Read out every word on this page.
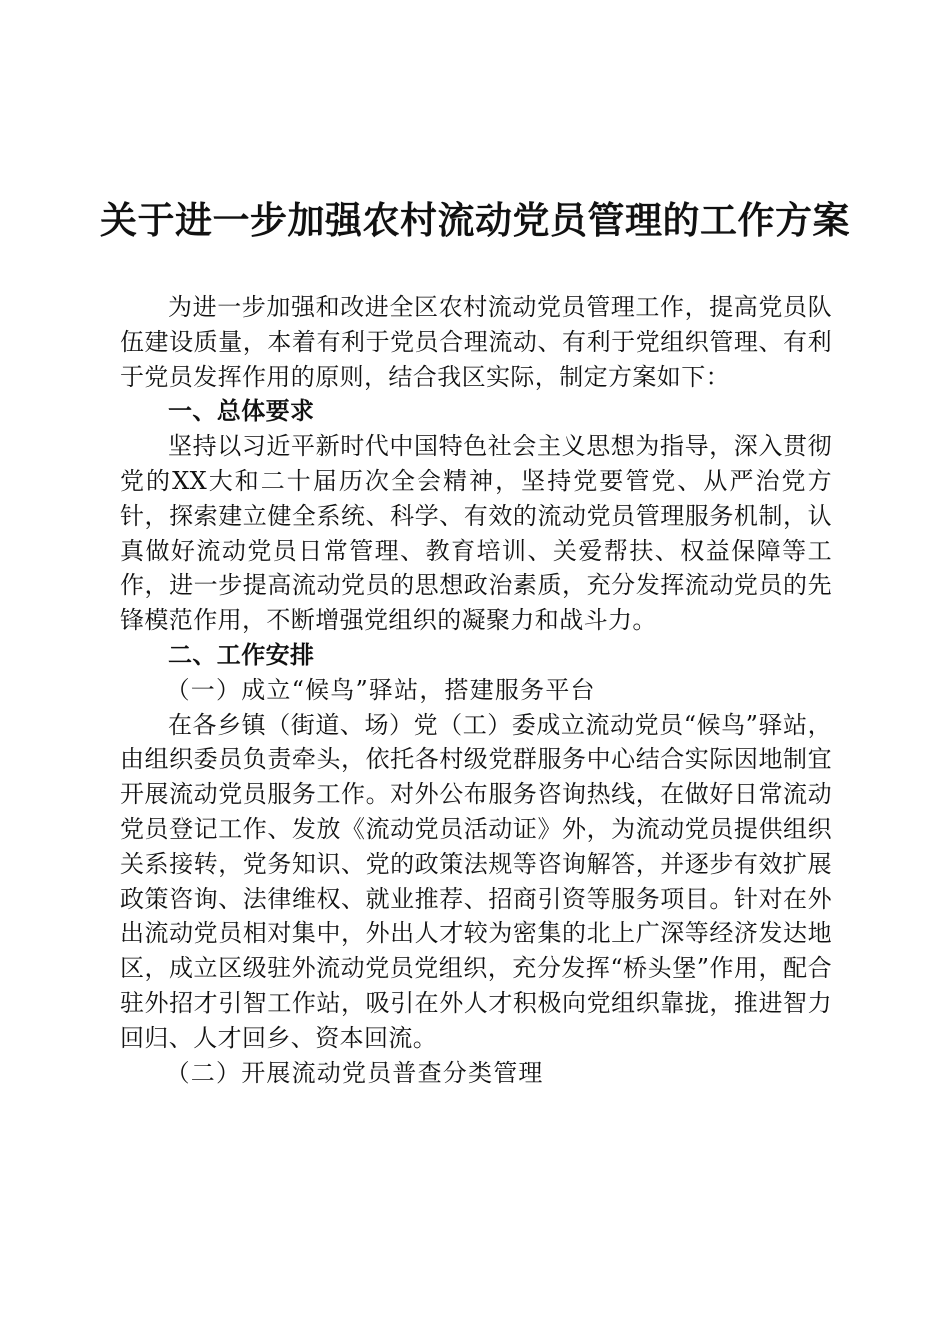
关于进一步加强农村流动党员管理的工作方案

为进一步加强和改进全区农村流动党员管理工作，提高党员队伍建设质量，本着有利于党员合理流动、有利于党组织管理、有利于党员发挥作用的原则，结合我区实际，制定方案如下：

一、总体要求

坚持以习近平新时代中国特色社会主义思想为指导，深入贯彻党的XX大和二十届历次全会精神，坚持党要管党、从严治党方针，探索建立健全系统、科学、有效的流动党员管理服务机制，认真做好流动党员日常管理、教育培训、关爱帮扶、权益保障等工作，进一步提高流动党员的思想政治素质，充分发挥流动党员的先锋模范作用，不断增强党组织的凝聚力和战斗力。

二、工作安排

（一）成立“候鸟”驿站，搭建服务平台

在各乡镇（街道、场）党（工）委成立流动党员“候鸟”驿站，由组织委员负责牵头，依托各村级党群服务中心结合实际因地制宜开展流动党员服务工作。对外公布服务咨询热线，在做好日常流动党员登记工作、发放《流动党员活动证》外，为流动党员提供组织关系接转，党务知识、党的政策法规等咨询解答，并逐步有效扩展政策咨询、法律维权、就业推荐、招商引资等服务项目。针对在外出流动党员相对集中，外出人才较为密集的北上广深等经济发达地区，成立区级驻外流动党员党组织，充分发挥“桥头堡”作用，配合驻外招才引智工作站，吸引在外人才积极向党组织靠拢，推进智力回归、人才回乡、资本回流。

（二）开展流动党员普查分类管理
